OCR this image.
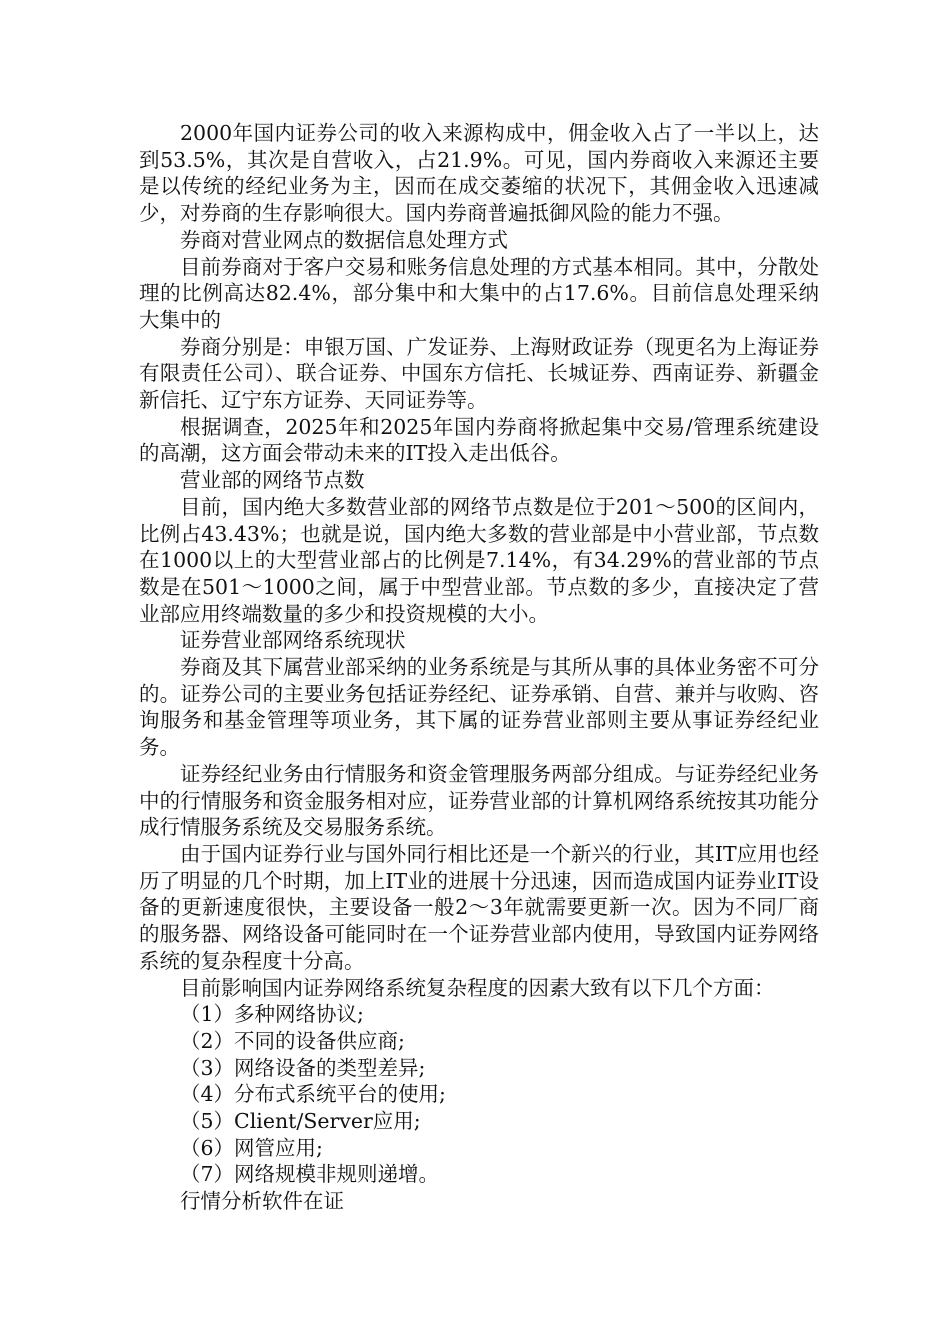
2000年国内证券公司的收入来源构成中，佣金收入占了一半以上，达到53.5%，其次是自营收入，占21.9%。可见，国内券商收入来源还主要是以传统的经纪业务为主，因而在成交萎缩的状况下，其佣金收入迅速减少，对券商的生存影响很大。国内券商普遍抵御风险的能力不强。

券商对营业网点的数据信息处理方式

目前券商对于客户交易和账务信息处理的方式基本相同。其中，分散处理的比例高达82.4%，部分集中和大集中的占17.6%。目前信息处理采纳大集中的

券商分别是：申银万国、广发证券、上海财政证券（现更名为上海证券有限责任公司）、联合证券、中国东方信托、长城证券、西南证券、新疆金新信托、辽宁东方证券、天同证券等。

根据调查，2025年和2025年国内券商将掀起集中交易/管理系统建设的高潮，这方面会带动未来的IT投入走出低谷。

营业部的网络节点数

目前，国内绝大多数营业部的网络节点数是位于201～500的区间内，比例占43.43%；也就是说，国内绝大多数的营业部是中小营业部，节点数在1000以上的大型营业部占的比例是7.14%，有34.29%的营业部的节点数是在501～1000之间，属于中型营业部。节点数的多少，直接决定了营业部应用终端数量的多少和投资规模的大小。

证券营业部网络系统现状

券商及其下属营业部采纳的业务系统是与其所从事的具体业务密不可分的。证券公司的主要业务包括证券经纪、证券承销、自营、兼并与收购、咨询服务和基金管理等项业务，其下属的证券营业部则主要从事证券经纪业务。

证券经纪业务由行情服务和资金管理服务两部分组成。与证券经纪业务中的行情服务和资金服务相对应，证券营业部的计算机网络系统按其功能分成行情服务系统及交易服务系统。

由于国内证券行业与国外同行相比还是一个新兴的行业，其IT应用也经历了明显的几个时期，加上IT业的进展十分迅速，因而造成国内证券业IT设备的更新速度很快，主要设备一般2～3年就需要更新一次。因为不同厂商的服务器、网络设备可能同时在一个证券营业部内使用，导致国内证券网络系统的复杂程度十分高。

目前影响国内证券网络系统复杂程度的因素大致有以下几个方面：

（1）多种网络协议;

（2）不同的设备供应商;

（3）网络设备的类型差异;

（4）分布式系统平台的使用;

（5）Client/Server应用;

（6）网管应用;

（7）网络规模非规则递增。

行情分析软件在证
